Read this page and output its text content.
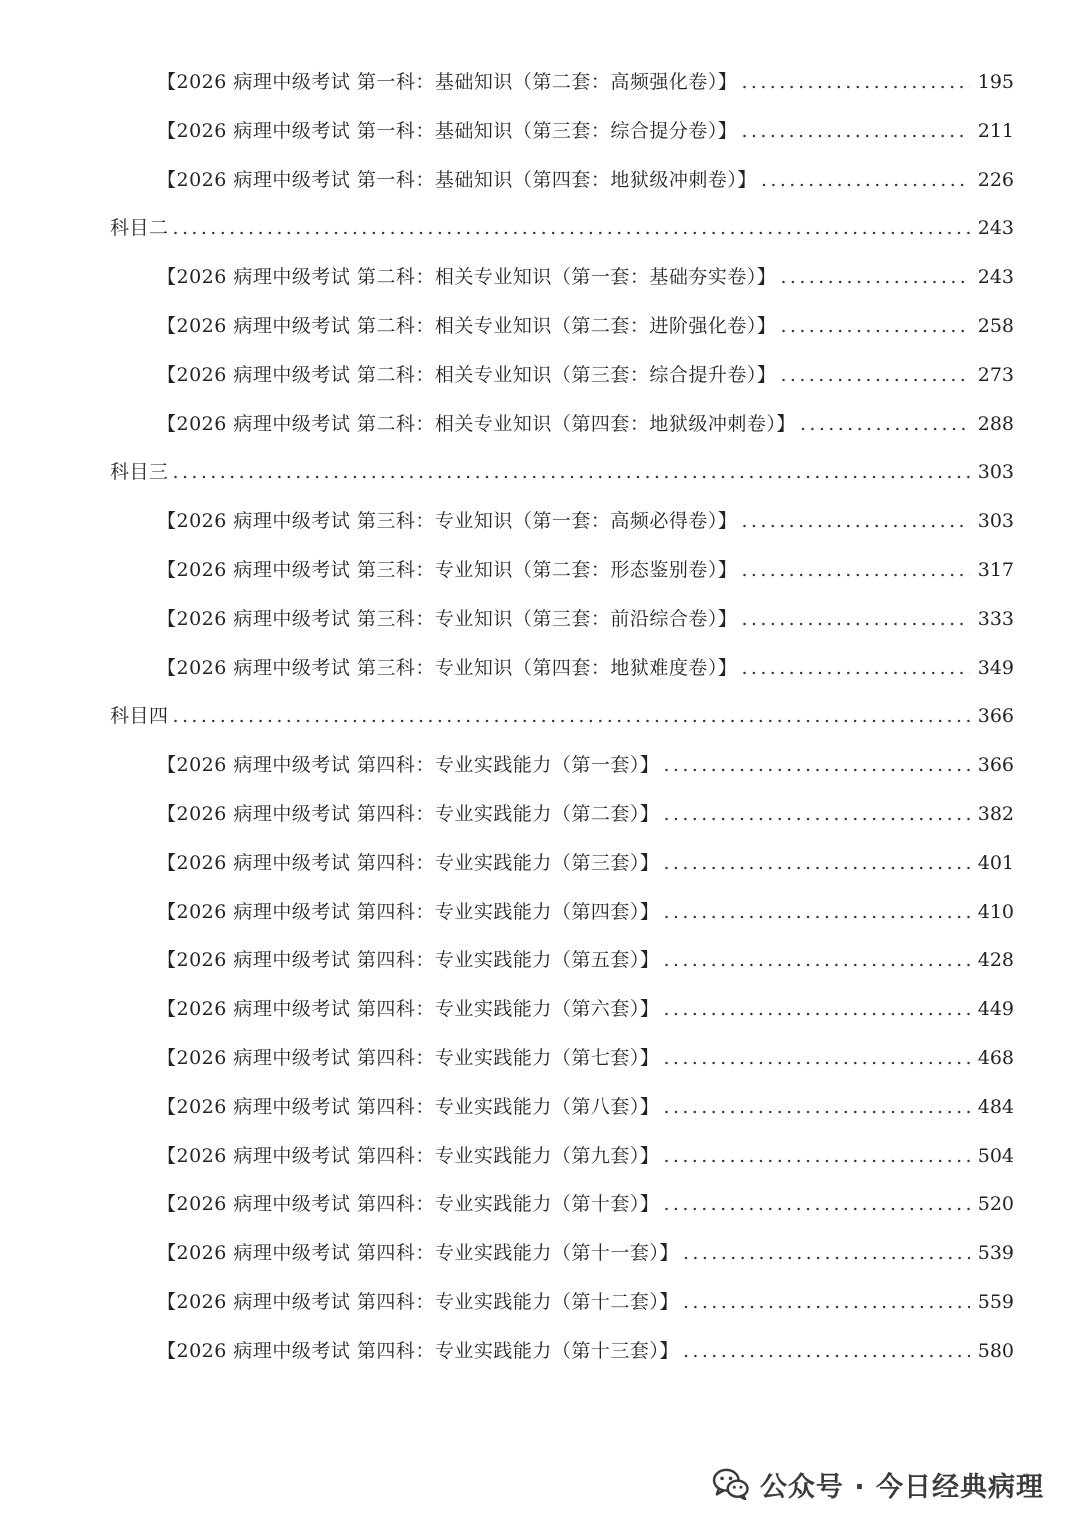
【2026 病理中级考试 第一科：基础知识（第二套：高频强化卷）】 .....	195
【2026 病理中级考试 第一科：基础知识（第三套：综合提分卷）】 .....	211
【2026 病理中级考试 第一科：基础知识（第四套：地狱级冲刺卷）】 .....	226
科目二 .....	243
【2026 病理中级考试 第二科：相关专业知识（第一套：基础夯实卷）】 .....	243
【2026 病理中级考试 第二科：相关专业知识（第二套：进阶强化卷）】 .....	258
【2026 病理中级考试 第二科：相关专业知识（第三套：综合提升卷）】 .....	273
【2026 病理中级考试 第二科：相关专业知识（第四套：地狱级冲刺卷）】 .....	288
科目三 .....	303
【2026 病理中级考试 第三科：专业知识（第一套：高频必得卷）】 .....	303
【2026 病理中级考试 第三科：专业知识（第二套：形态鉴别卷）】 .....	317
【2026 病理中级考试 第三科：专业知识（第三套：前沿综合卷）】 .....	333
【2026 病理中级考试 第三科：专业知识（第四套：地狱难度卷）】 .....	349
科目四 .....	366
【2026 病理中级考试 第四科：专业实践能力（第一套）】 .....	366
【2026 病理中级考试 第四科：专业实践能力（第二套）】 .....	382
【2026 病理中级考试 第四科：专业实践能力（第三套）】 .....	401
【2026 病理中级考试 第四科：专业实践能力（第四套）】 .....	410
【2026 病理中级考试 第四科：专业实践能力（第五套）】 .....	428
【2026 病理中级考试 第四科：专业实践能力（第六套）】 .....	449
【2026 病理中级考试 第四科：专业实践能力（第七套）】 .....	468
【2026 病理中级考试 第四科：专业实践能力（第八套）】 .....	484
【2026 病理中级考试 第四科：专业实践能力（第九套）】 .....	504
【2026 病理中级考试 第四科：专业实践能力（第十套）】 .....	520
【2026 病理中级考试 第四科：专业实践能力（第十一套）】 .....	539
【2026 病理中级考试 第四科：专业实践能力（第十二套）】 .....	559
【2026 病理中级考试 第四科：专业实践能力（第十三套）】 .....	580
公众号 · 今日经典病理
